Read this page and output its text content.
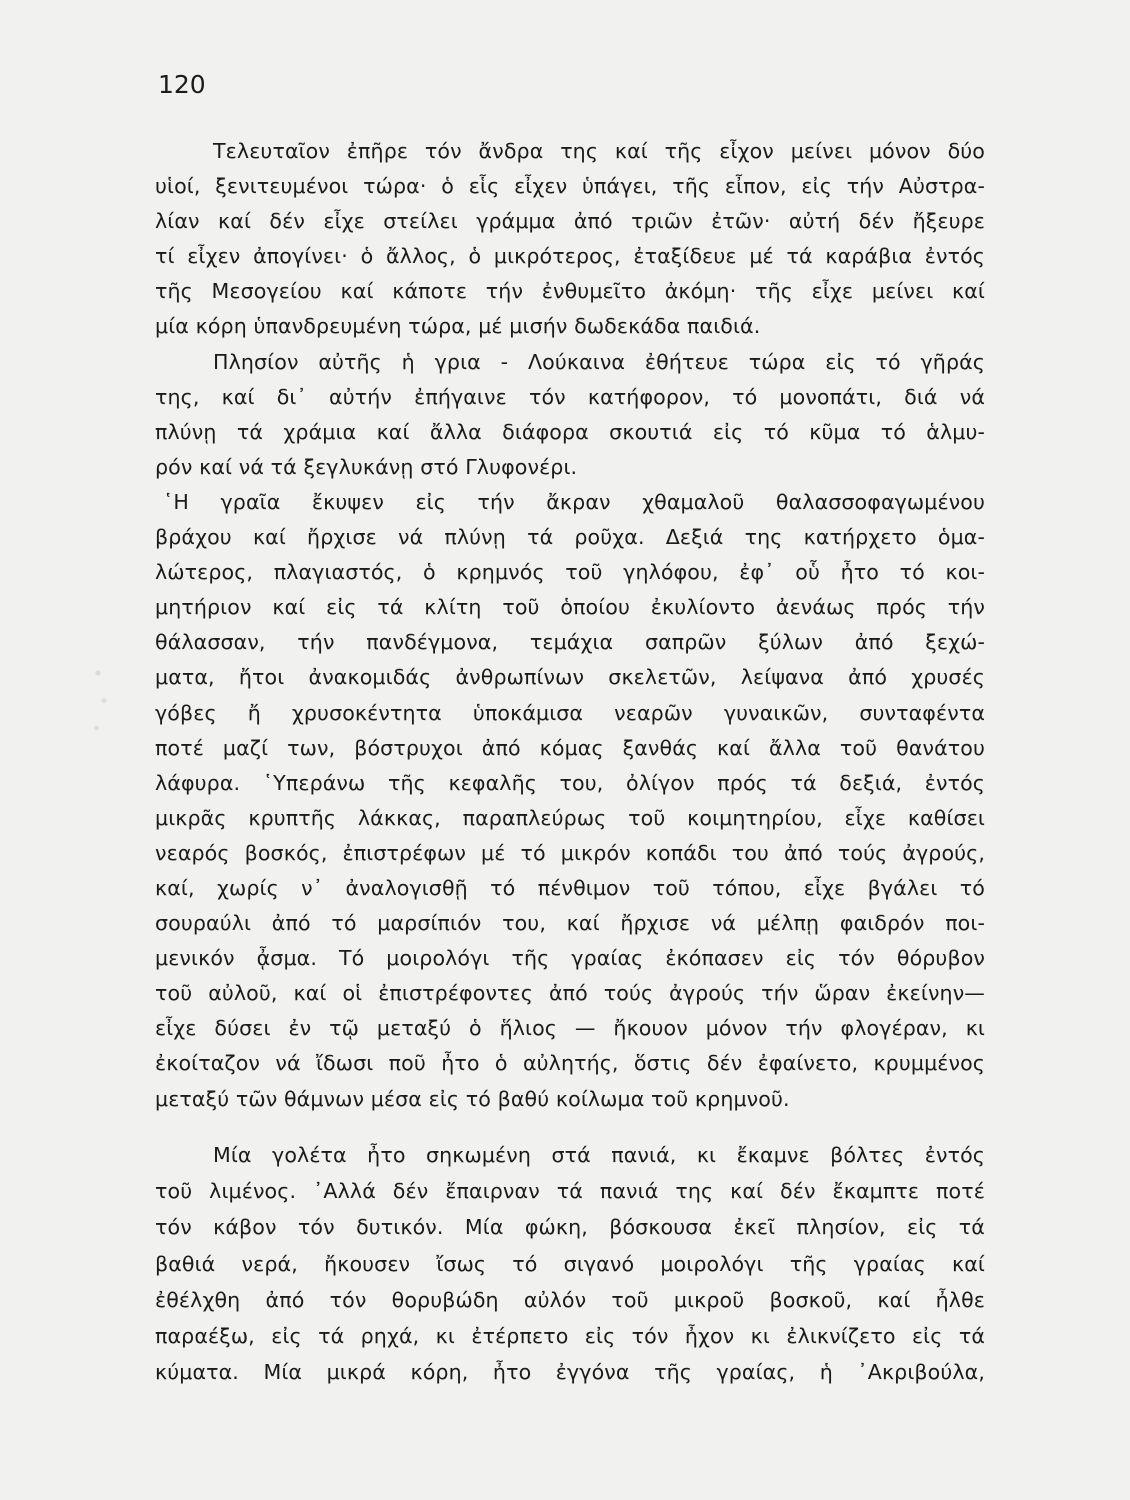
120

Τελευταῖον ἐπῆρε τόν ἄνδρα της καί τῆς εἶχον μείνει μόνον δύο

υἱοί, ξενιτευμένοι τώρα· ὁ εἷς εἶχεν ὑπάγει, τῆς εἶπον, εἰς τήν Αὐστρα-

λίαν καί δέν εἶχε στείλει γράμμα ἀπό τριῶν ἐτῶν· αὐτή δέν ἤξευρε

τί εἶχεν ἀπογίνει· ὁ ἄλλος, ὁ μικρότερος, ἐταξίδευε μέ τά καράβια ἐντός

τῆς Μεσογείου καί κάποτε τήν ἐνθυμεῖτο ἀκόμη· τῆς εἶχε μείνει καί

μία κόρη ὑπανδρευμένη τώρα, μέ μισήν δωδεκάδα παιδιά.

Πλησίον αὐτῆς ἡ γρια - Λούκαινα ἐθήτευε τώρα εἰς τό γῆράς

της, καί δι᾽ αὐτήν ἐπήγαινε τόν κατήφορον, τό μονοπάτι, διά νά

πλύνῃ τά χράμια καί ἄλλα διάφορα σκουτιά εἰς τό κῦμα τό ἁλμυ-

ρόν καί νά τά ξεγλυκάνῃ στό Γλυφονέρι.

῾Η γραῖα ἔκυψεν εἰς τήν ἄκραν χθαμαλοῦ θαλασσοφαγωμένου

βράχου καί ἤρχισε νά πλύνῃ τά ροῦχα. Δεξιά της κατήρχετο ὁμα-

λώτερος, πλαγιαστός, ὁ κρημνός τοῦ γηλόφου, ἐφ᾽ οὗ ἦτο τό κοι-

μητήριον καί εἰς τά κλίτη τοῦ ὁποίου ἐκυλίοντο ἀενάως πρός τήν

θάλασσαν, τήν πανδέγμονα, τεμάχια σαπρῶν ξύλων ἀπό ξεχώ-

ματα, ἤτοι ἀνακομιδάς ἀνθρωπίνων σκελετῶν, λείψανα ἀπό χρυσές

γόβες ἤ χρυσοκέντητα ὑποκάμισα νεαρῶν γυναικῶν, συνταφέντα

ποτέ μαζί των, βόστρυχοι ἀπό κόμας ξανθάς καί ἄλλα τοῦ θανάτου

λάφυρα. ῾Υπεράνω τῆς κεφαλῆς του, ὀλίγον πρός τά δεξιά, ἐντός

μικρᾶς κρυπτῆς λάκκας, παραπλεύρως τοῦ κοιμητηρίου, εἶχε καθίσει

νεαρός βοσκός, ἐπιστρέφων μέ τό μικρόν κοπάδι του ἀπό τούς ἀγρούς,

καί, χωρίς ν᾽ ἀναλογισθῇ τό πένθιμον τοῦ τόπου, εἶχε βγάλει τό

σουραύλι ἀπό τό μαρσίπιόν του, καί ἤρχισε νά μέλπῃ φαιδρόν ποι-

μενικόν ᾆσμα. Τό μοιρολόγι τῆς γραίας ἐκόπασεν εἰς τόν θόρυβον

τοῦ αὐλοῦ, καί οἱ ἐπιστρέφοντες ἀπό τούς ἀγρούς τήν ὥραν ἐκείνην—

εἶχε δύσει ἐν τῷ μεταξύ ὁ ἥλιος — ἤκουον μόνον τήν φλογέραν, κι

ἐκοίταζον νά ἴδωσι ποῦ ἦτο ὁ αὐλητής, ὅστις δέν ἐφαίνετο, κρυμμένος

μεταξύ τῶν θάμνων μέσα εἰς τό βαθύ κοίλωμα τοῦ κρημνοῦ.

Μία γολέτα ἦτο σηκωμένη στά πανιά, κι ἔκαμνε βόλτες ἐντός

τοῦ λιμένος. ᾿Αλλά δέν ἔπαιρναν τά πανιά της καί δέν ἔκαμπτε ποτέ

τόν κάβον τόν δυτικόν. Μία φώκη, βόσκουσα ἐκεῖ πλησίον, εἰς τά

βαθιά νερά, ἤκουσεν ἴσως τό σιγανό μοιρολόγι τῆς γραίας καί

ἐθέλχθη ἀπό τόν θορυβώδη αὐλόν τοῦ μικροῦ βοσκοῦ, καί ἦλθε

παραέξω, εἰς τά ρηχά, κι ἐτέρπετο εἰς τόν ἦχον κι ἐλικνίζετο εἰς τά

κύματα. Μία μικρά κόρη, ἦτο ἐγγόνα τῆς γραίας, ἡ ᾿Ακριβούλα,
